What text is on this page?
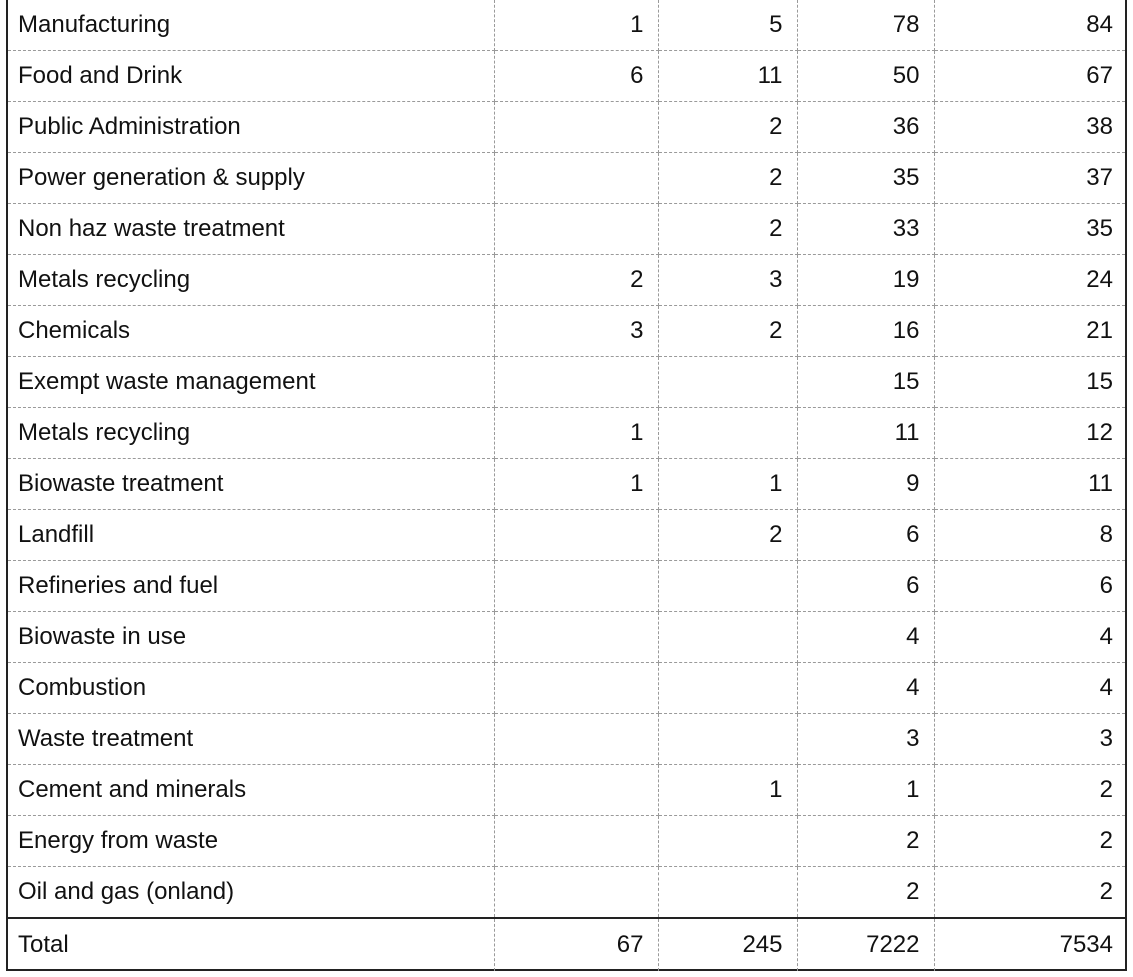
Manufacturing	1	5	78	84
Food and Drink	6	11	50	67
Public Administration		2	36	38
Power generation & supply		2	35	37
Non haz waste treatment		2	33	35
Metals recycling	2	3	19	24
Chemicals	3	2	16	21
Exempt waste management			15	15
Metals recycling	1		11	12
Biowaste treatment	1	1	9	11
Landfill		2	6	8
Refineries and fuel			6	6
Biowaste in use			4	4
Combustion			4	4
Waste treatment			3	3
Cement and minerals		1	1	2
Energy from waste			2	2
Oil and gas (onland)			2	2
Total	67	245	7222	7534
